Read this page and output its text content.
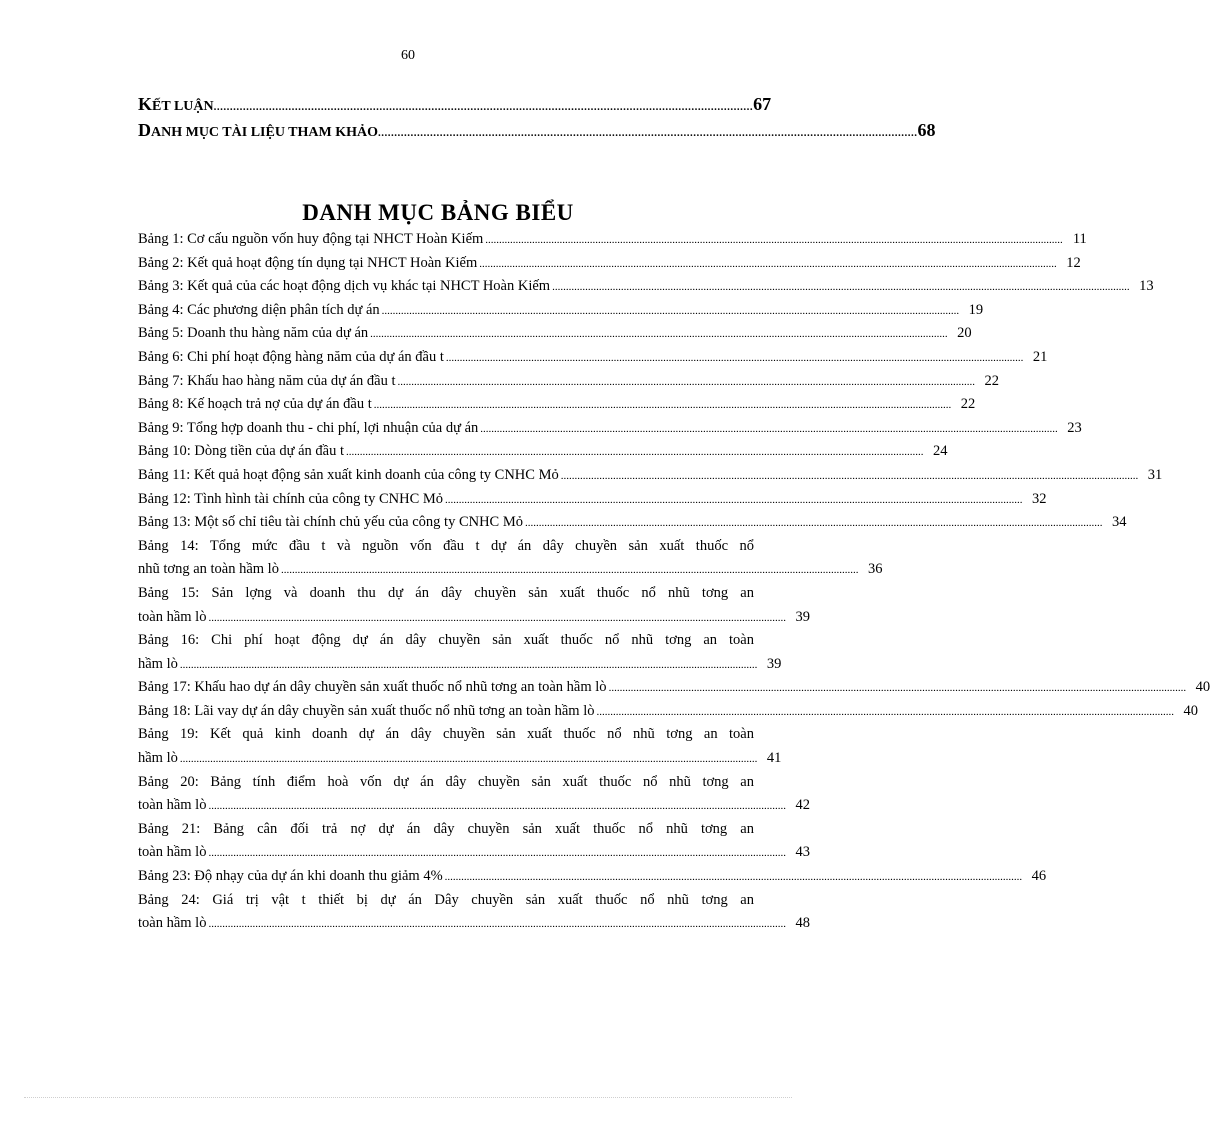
60
KẾT LUẬN ...................................................................................................................................................................... 67
DANH MỤC TÀI LIỆU THAM KHẢO ...................................................................................................................................................................... 68
DANH MỤC BẢNG BIỂU
Bảng 1: Cơ cấu nguồn vốn huy động tại NHCT Hoàn Kiếm .................................................................................................................................................................................................................. 11
Bảng 2: Kết quả hoạt động tín dụng tại NHCT Hoàn Kiếm .................................................................................................................................................................................................................. 12
Bảng 3: Kết quả của các hoạt động dịch vụ khác tại NHCT Hoàn Kiếm .................................................................................................................................................................................................................. 13
Bảng 4: Các phương diện phân tích dự án .................................................................................................................................................................................................................. 19
Bảng 5: Doanh thu hàng năm của dự án .................................................................................................................................................................................................................. 20
Bảng 6: Chi phí hoạt động hàng năm của dự án đầu t .................................................................................................................................................................................................................. 21
Bảng 7: Khấu hao hàng năm của dự án đầu t .................................................................................................................................................................................................................. 22
Bảng 8: Kế hoạch trả nợ của dự án đầu t .................................................................................................................................................................................................................. 22
Bảng 9: Tổng hợp doanh thu - chi phí, lợi nhuận của dự án .................................................................................................................................................................................................................. 23
Bảng 10: Dòng tiền của dự án đầu t .................................................................................................................................................................................................................. 24
Bảng 11: Kết quả hoạt động sản xuất kinh doanh của công ty CNHC Mỏ .................................................................................................................................................................................................................. 31
Bảng 12: Tình hình tài chính của công ty CNHC Mỏ .................................................................................................................................................................................................................. 32
Bảng 13: Một số chỉ tiêu tài chính chủ yếu của công ty CNHC Mỏ .................................................................................................................................................................................................................. 34
Bảng 14: Tổng mức đầu t và nguồn vốn đầu t dự án dây chuyền sản xuất thuốc nổ
nhũ tơng an toàn hầm lò .................................................................................................................................................................................................................. 36
Bảng 15: Sản lợng và doanh thu dự án dây chuyền sản xuất thuốc nổ nhũ tơng an
toàn hầm lò .................................................................................................................................................................................................................. 39
Bảng 16: Chi phí hoạt động dự án dây chuyền sản xuất thuốc nổ nhũ tơng an toàn
hầm lò .................................................................................................................................................................................................................. 39
Bảng 17: Khấu hao dự án dây chuyền sản xuất thuốc nổ nhũ tơng an toàn hầm lò .................................................................................................................................................................................................................. 40
Bảng 18: Lãi vay dự án dây chuyền sản xuất thuốc nổ nhũ tơng an toàn hầm lò .................................................................................................................................................................................................................. 40
Bảng 19: Kết quả kinh doanh dự án dây chuyền sản xuất thuốc nổ nhũ tơng an toàn
hầm lò .................................................................................................................................................................................................................. 41
Bảng 20: Bảng tính điểm hoà vốn dự án dây chuyền sản xuất thuốc nổ nhũ tơng an
toàn hầm lò .................................................................................................................................................................................................................. 42
Bảng 21: Bảng cân đối trả nợ dự án dây chuyền sản xuất thuốc nổ nhũ tơng an
toàn hầm lò .................................................................................................................................................................................................................. 43
Bảng 23: Độ nhạy của dự án khi doanh thu giảm 4% .................................................................................................................................................................................................................. 46
Bảng 24: Giá trị vật t thiết bị dự án Dây chuyền sản xuất thuốc nổ nhũ tơng an
toàn hầm lò .................................................................................................................................................................................................................. 48
